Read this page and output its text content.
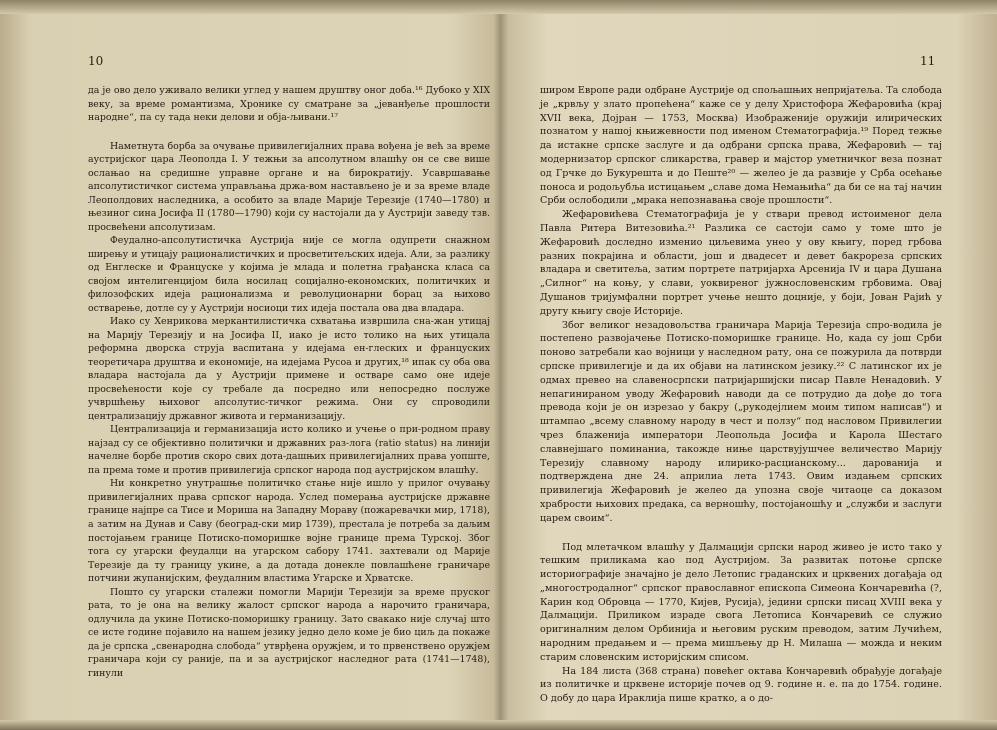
10	11

да је ово дело уживало велики углед у нашем друштву оног доба.¹⁶ Дубоко у XIX веку, за време романтизма, Хронике су сматране за „јеванђеље прошлости народне“, па су тада неки делови и обја-љивани.¹⁷

Наметнута борба за очување привилегијалних права вођена је већ за време аустријског цара Леополда I. У тежњи за апсолутном влашћу он се све више ослањао на средишне управне органе и на бирократију. Усавршавање апсолутистичког система управљања држа-вом настављено је и за време владе Леополдових наследника, а особито за владе Марије Терезије (1740—1780) и њезиног сина Јосифа II (1780—1790) који су настојали да у Аустрији заведу тзв. просвећени апсолутизам.

Феудално-апсолутистичка Аустрија није се могла одупрети снажном ширењу и утицају рационалистичких и просветитељских идеја. Али, за разлику од Енглеске и Француске у којима је млада и полетна грађанска класа са својом интелигенцијом била носилац социјално-економских, политичких и филозофских идеја рационализма и револуционарни борац за њихово остварење, дотле су у Аустрији носиоци тих идеја постала ова два владара.

Иако су Хенрикова меркантилистичка схватања извршила сна-жан утицај на Марију Терезију и на Јосифа II, иако је исто толико на њих утицала реформна дворска струја васпитана у идејама ен-глеских и француских теоретичара друштва и економије, на идејама Русоа и других,¹⁸ ипак су оба ова владара настојала да у Аустрији примене и остваре само оне идеје просвећености које су требале да посредно или непосредно послуже учвршћењу њиховог апсолутис-тичког режима. Они су спроводили централизацију државног живота и германизацију.

Централизација и германизација исто колико и учење о при-родном праву најзад су се објективно политички и државних раз-лога (ratio status) на линији начелне борбе против скоро свих дота-дашњих привилегијалних права уопште, па према томе и против привилегија српског народа под аустријском влашћу.

Ни конкретно унутрашње политичко стање није ишло у прилог очувању привилегијалних права српског народа. Услед померања аустријске државне границе најпре са Тисе и Мориша на Западну Мораву (пожаревачки мир, 1718), а затим на Дунав и Саву (београд-ски мир 1739), престала је потреба за даљим постојањем границе Потиско-поморишке војне границе према Турској. Због тога су угарски феудалци на угарском сабору 1741. захтевали од Марије Терезије да ту границу укине, а да дотада донекле повлашћене граничаре потчини жупанијским, феудалним властима Угарске и Хрватске.

Пошто су угарски сталежи помогли Марији Терезији за време пруског рата, то је она на велику жалост српског народа а нарочито граничара, одлучила да укине Потиско-поморишку границу. Зато свакако није случај што се исте године појавило на нашем језику једно дело коме је био циљ да покаже да је српска „свенародна слобода“ утврђена оружјем, и то првенствено оружјем граничара који су раније, па и за аустријског наследног рата (1741—1748), гинули

широм Европе ради одбране Аустрије од спољашњих непријатеља. Та слобода је „крвљу у злато пропећена“ каже се у делу Христофора Жефаровића (крај XVII века, Дојран — 1753, Москва) Изображеније оружији илирических познатом у нашој књижевности под именом Стематографија.¹⁹ Поред тежње да истакне српске заслуге и да одбрани српска права, Жефаровић — тај модернизатор српског сликарства, гравер и мајстор уметничког веза познат од Грчке до Букурешта и до Пеште²⁰ — желео је да развије у Срба осећање поноса и родољубља истицањем „славе дома Немањића“ да би се на тај начин Срби ослободили „мрака непознавања своје прошлости“.

Жефаровићева Стематографија је у ствари превод истоименог дела Павла Ритера Витезовића.²¹ Разлика се састоји само у томе што је Жефаровић доследно изменио циљевима унео у ову књигу, поред грбова разних покрајина и области, још и двадесет и девет бакрореза српских владара и светитеља, затим портрете патријарха Арсенија IV и цара Душана „Силног“ на коњу, у слави, уоквиреног јужнословенским грбовима. Овај Душанов тријумфални портрет учење нешто доцније, у боји, Јован Рајић у другу књигу своје Историје.

Због великог незадовољства граничара Марија Терезија спро-водила је постепено развојачење Потиско-поморишке границе. Но, када су још Срби поново затребали као војници у наследном рату, она се пожурила да потврди српске привилегије и да их објави на латинском језику.²² С латинског их је одмах превео на славеносрпски патријаршијски писар Павле Ненадовић. У непагинираном уводу Жефаровић наводи да се потрудио да дође до тога превода који је он изрезао у бакру („рукодејлием моим типом написав“) и штампао „всему славному народу в чест и ползу“ под насловом Привилегии чрез блаженија императори Леопольда Јосифа и Карола Шестаго славнејшаго поминаниа, такожде ниње царствујушчее величество Марију Терезију славному народу илирико-расцианскому... дарованија и подтверждена дне 24. априлиа лета 1743. Овим издањем српских привилегија Жефаровић је желео да упозна своје читаоце са доказом храбрости њихових предака, са верношћу, постојаношћу и „служби и заслуги царем своим“.

Под млетачком влашћу у Далмацији српски народ живео је исто тако у тешким приликама као под Аустријом. За развитак потоње српске историографије значајно је дело Летопис граданских и црквених догађаја од „многостродалног“ српског православног епископа Симеона Кончаревића (?, Карин код Обровца — 1770, Кијев, Русија), једини српски писац XVIII века у Далмацији. Приликом израде свога Летописа Кончаревић се служио оригиналним делом Орбинија и његовим руским преводом, затим Лучићем, народним предањем и — према мишљењу др Н. Милаша — можда и неким старим словенским историјским списом.

На 184 листа (368 страна) повећег октава Кончаревић обрађује догађаје из политичке и црквене историје почев од 9. године н. е. па до 1754. године. О добу до цара Ираклија пише кратко, а о до-
